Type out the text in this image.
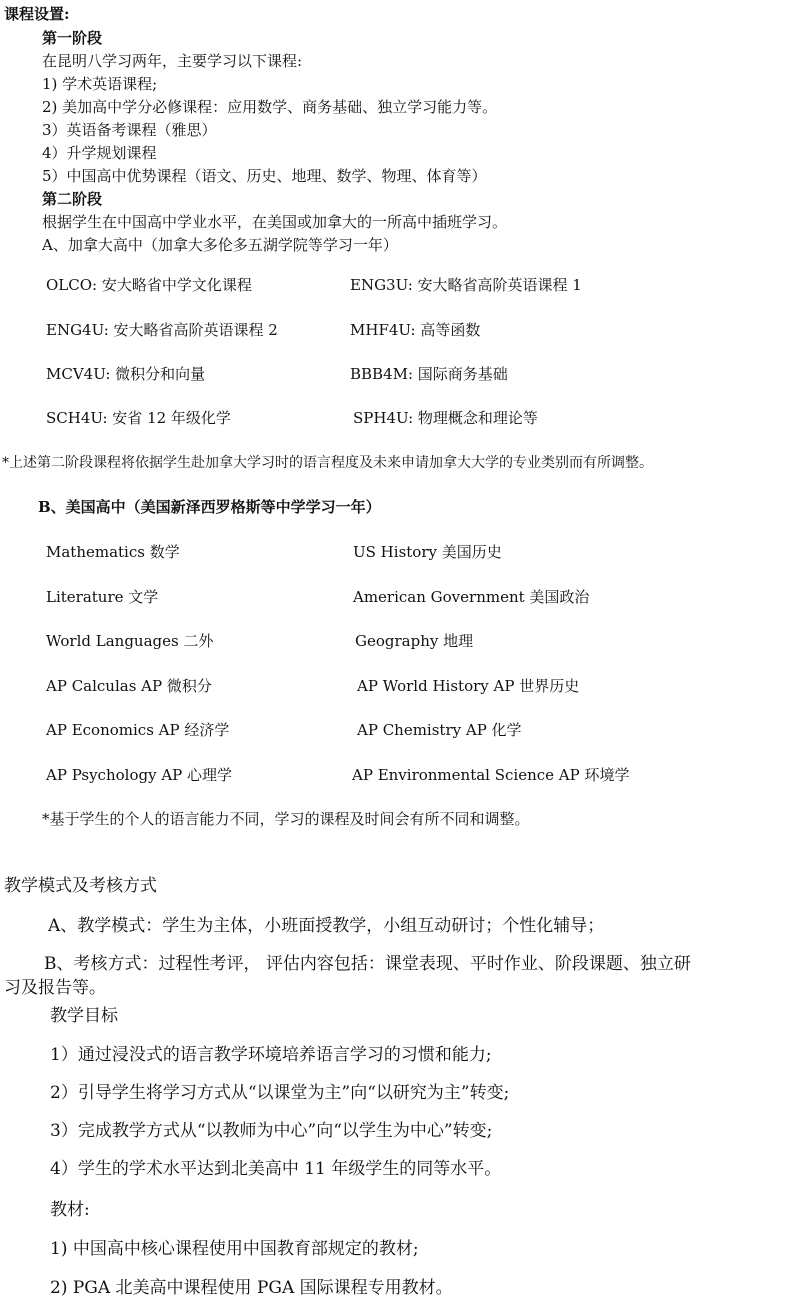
课程设置:
第一阶段
在昆明八学习两年，主要学习以下课程:
1) 学术英语课程;
2) 美加高中学分必修课程：应用数学、商务基础、独立学习能力等。
3）英语备考课程（雅思）
4）升学规划课程
5）中国高中优势课程（语文、历史、地理、数学、物理、体育等）
第二阶段
根据学生在中国高中学业水平，在美国或加拿大的一所高中插班学习。
A、加拿大高中（加拿大多伦多五湖学院等学习一年）
OLCO: 安大略省中学文化课程	ENG3U: 安大略省高阶英语课程 1
ENG4U: 安大略省高阶英语课程 2	MHF4U: 高等函数
MCV4U: 微积分和向量	BBB4M: 国际商务基础
SCH4U: 安省 12 年级化学	SPH4U: 物理概念和理论等
*上述第二阶段课程将依据学生赴加拿大学习时的语言程度及未来申请加拿大大学的专业类别而有所调整。
B、美国高中（美国新泽西罗格斯等中学学习一年）
Mathematics 数学	US History 美国历史
Literature 文学	American Government 美国政治
World Languages 二外	Geography 地理
AP Calculas AP 微积分	AP World History AP 世界历史
AP Economics AP 经济学	AP Chemistry AP 化学
AP Psychology AP 心理学	AP Environmental Science AP 环境学
*基于学生的个人的语言能力不同，学习的课程及时间会有所不同和调整。
教学模式及考核方式
A、教学模式：学生为主体，小班面授教学，小组互动研讨；个性化辅导；
B、考核方式：过程性考评， 评估内容包括：课堂表现、平时作业、阶段课题、独立研
习及报告等。
教学目标
1）通过浸没式的语言教学环境培养语言学习的习惯和能力;
2）引导学生将学习方式从“以课堂为主”向“以研究为主”转变;
3）完成教学方式从“以教师为中心”向“以学生为中心”转变;
4）学生的学术水平达到北美高中 11 年级学生的同等水平。
教材:
1) 中国高中核心课程使用中国教育部规定的教材;
2) PGA 北美高中课程使用 PGA 国际课程专用教材。
